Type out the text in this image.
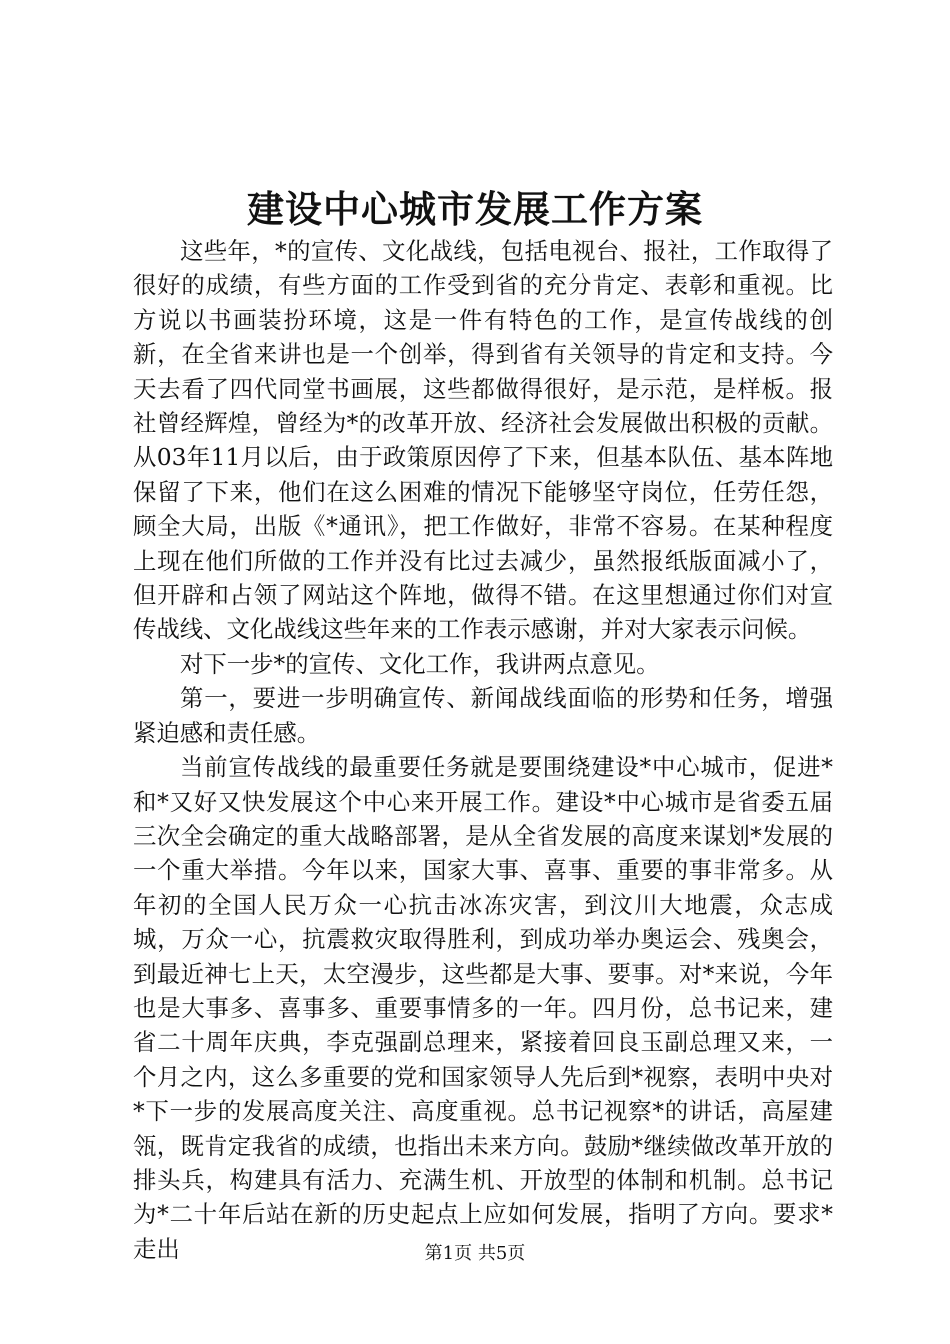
建设中心城市发展工作方案

这些年，*的宣传、文化战线，包括电视台、报社，工作取得了很好的成绩，有些方面的工作受到省的充分肯定、表彰和重视。比方说以书画装扮环境，这是一件有特色的工作，是宣传战线的创新，在全省来讲也是一个创举，得到省有关领导的肯定和支持。今天去看了四代同堂书画展，这些都做得很好，是示范，是样板。报社曾经辉煌，曾经为*的改革开放、经济社会发展做出积极的贡献。从03年11月以后，由于政策原因停了下来，但基本队伍、基本阵地保留了下来，他们在这么困难的情况下能够坚守岗位，任劳任怨，顾全大局，出版《*通讯》，把工作做好，非常不容易。在某种程度上现在他们所做的工作并没有比过去减少，虽然报纸版面减小了，但开辟和占领了网站这个阵地，做得不错。在这里想通过你们对宣传战线、文化战线这些年来的工作表示感谢，并对大家表示问候。

对下一步*的宣传、文化工作，我讲两点意见。

第一，要进一步明确宣传、新闻战线面临的形势和任务，增强紧迫感和责任感。

当前宣传战线的最重要任务就是要围绕建设*中心城市，促进*和*又好又快发展这个中心来开展工作。建设*中心城市是省委五届三次全会确定的重大战略部署，是从全省发展的高度来谋划*发展的一个重大举措。今年以来，国家大事、喜事、重要的事非常多。从年初的全国人民万众一心抗击冰冻灾害，到汶川大地震，众志成城，万众一心，抗震救灾取得胜利，到成功举办奥运会、残奥会，到最近神七上天，太空漫步，这些都是大事、要事。对*来说，今年也是大事多、喜事多、重要事情多的一年。四月份，总书记来，建省二十周年庆典，李克强副总理来，紧接着回良玉副总理又来，一个月之内，这么多重要的党和国家领导人先后到*视察，表明中央对*下一步的发展高度关注、高度重视。总书记视察*的讲话，高屋建瓴，既肯定我省的成绩，也指出未来方向。鼓励*继续做改革开放的排头兵，构建具有活力、充满生机、开放型的体制和机制。总书记为*二十年后站在新的历史起点上应如何发展，指明了方向。要求*走出	第1页 共5页
